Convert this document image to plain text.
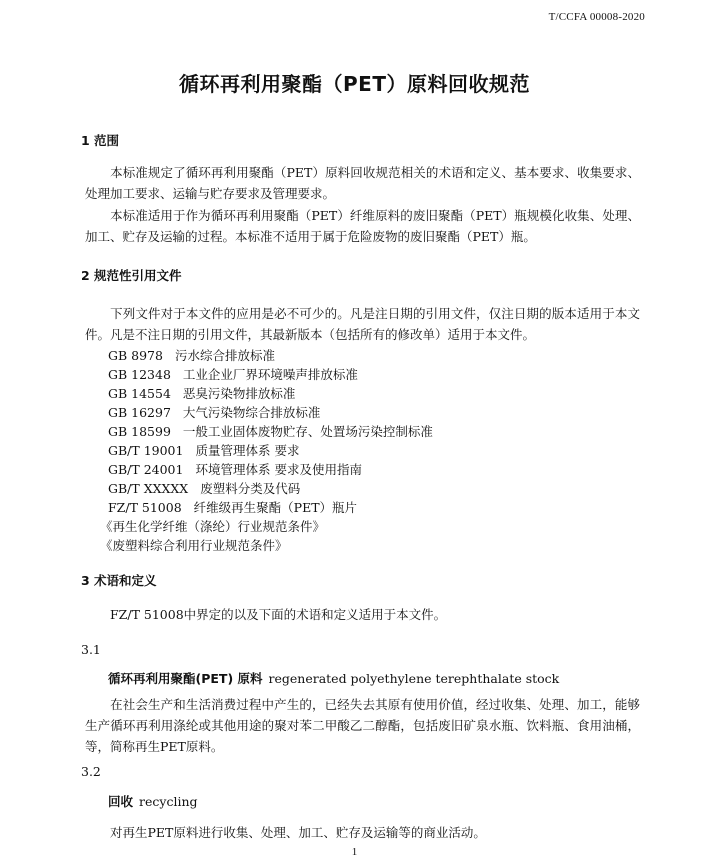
T/CCFA 00008-2020
循环再利用聚酯（PET）原料回收规范
1 范围
本标准规定了循环再利用聚酯（PET）原料回收规范相关的术语和定义、基本要求、收集要求、处理加工要求、运输与贮存要求及管理要求。
本标准适用于作为循环再利用聚酯（PET）纤维原料的废旧聚酯（PET）瓶规模化收集、处理、加工、贮存及运输的过程。本标准不适用于属于危险废物的废旧聚酯（PET）瓶。
2 规范性引用文件
下列文件对于本文件的应用是必不可少的。凡是注日期的引用文件，仅注日期的版本适用于本文件。凡是不注日期的引用文件，其最新版本（包括所有的修改单）适用于本文件。
GB 8978 污水综合排放标准
GB 12348 工业企业厂界环境噪声排放标准
GB 14554 恶臭污染物排放标准
GB 16297 大气污染物综合排放标准
GB 18599 一般工业固体废物贮存、处置场污染控制标准
GB/T 19001 质量管理体系 要求
GB/T 24001 环境管理体系 要求及使用指南
GB/T XXXXX 废塑料分类及代码
FZ/T 51008 纤维级再生聚酯（PET）瓶片
《再生化学纤维（涤纶）行业规范条件》
《废塑料综合利用行业规范条件》
3 术语和定义
FZ/T 51008中界定的以及下面的术语和定义适用于本文件。
3.1
循环再利用聚酯(PET) 原料 regenerated polyethylene terephthalate stock
在社会生产和生活消费过程中产生的，已经失去其原有使用价值，经过收集、处理、加工，能够生产循环再利用涤纶或其他用途的聚对苯二甲酸乙二醇酯，包括废旧矿泉水瓶、饮料瓶、食用油桶，等，简称再生PET原料。
3.2
回收 recycling
对再生PET原料进行收集、处理、加工、贮存及运输等的商业活动。
1
